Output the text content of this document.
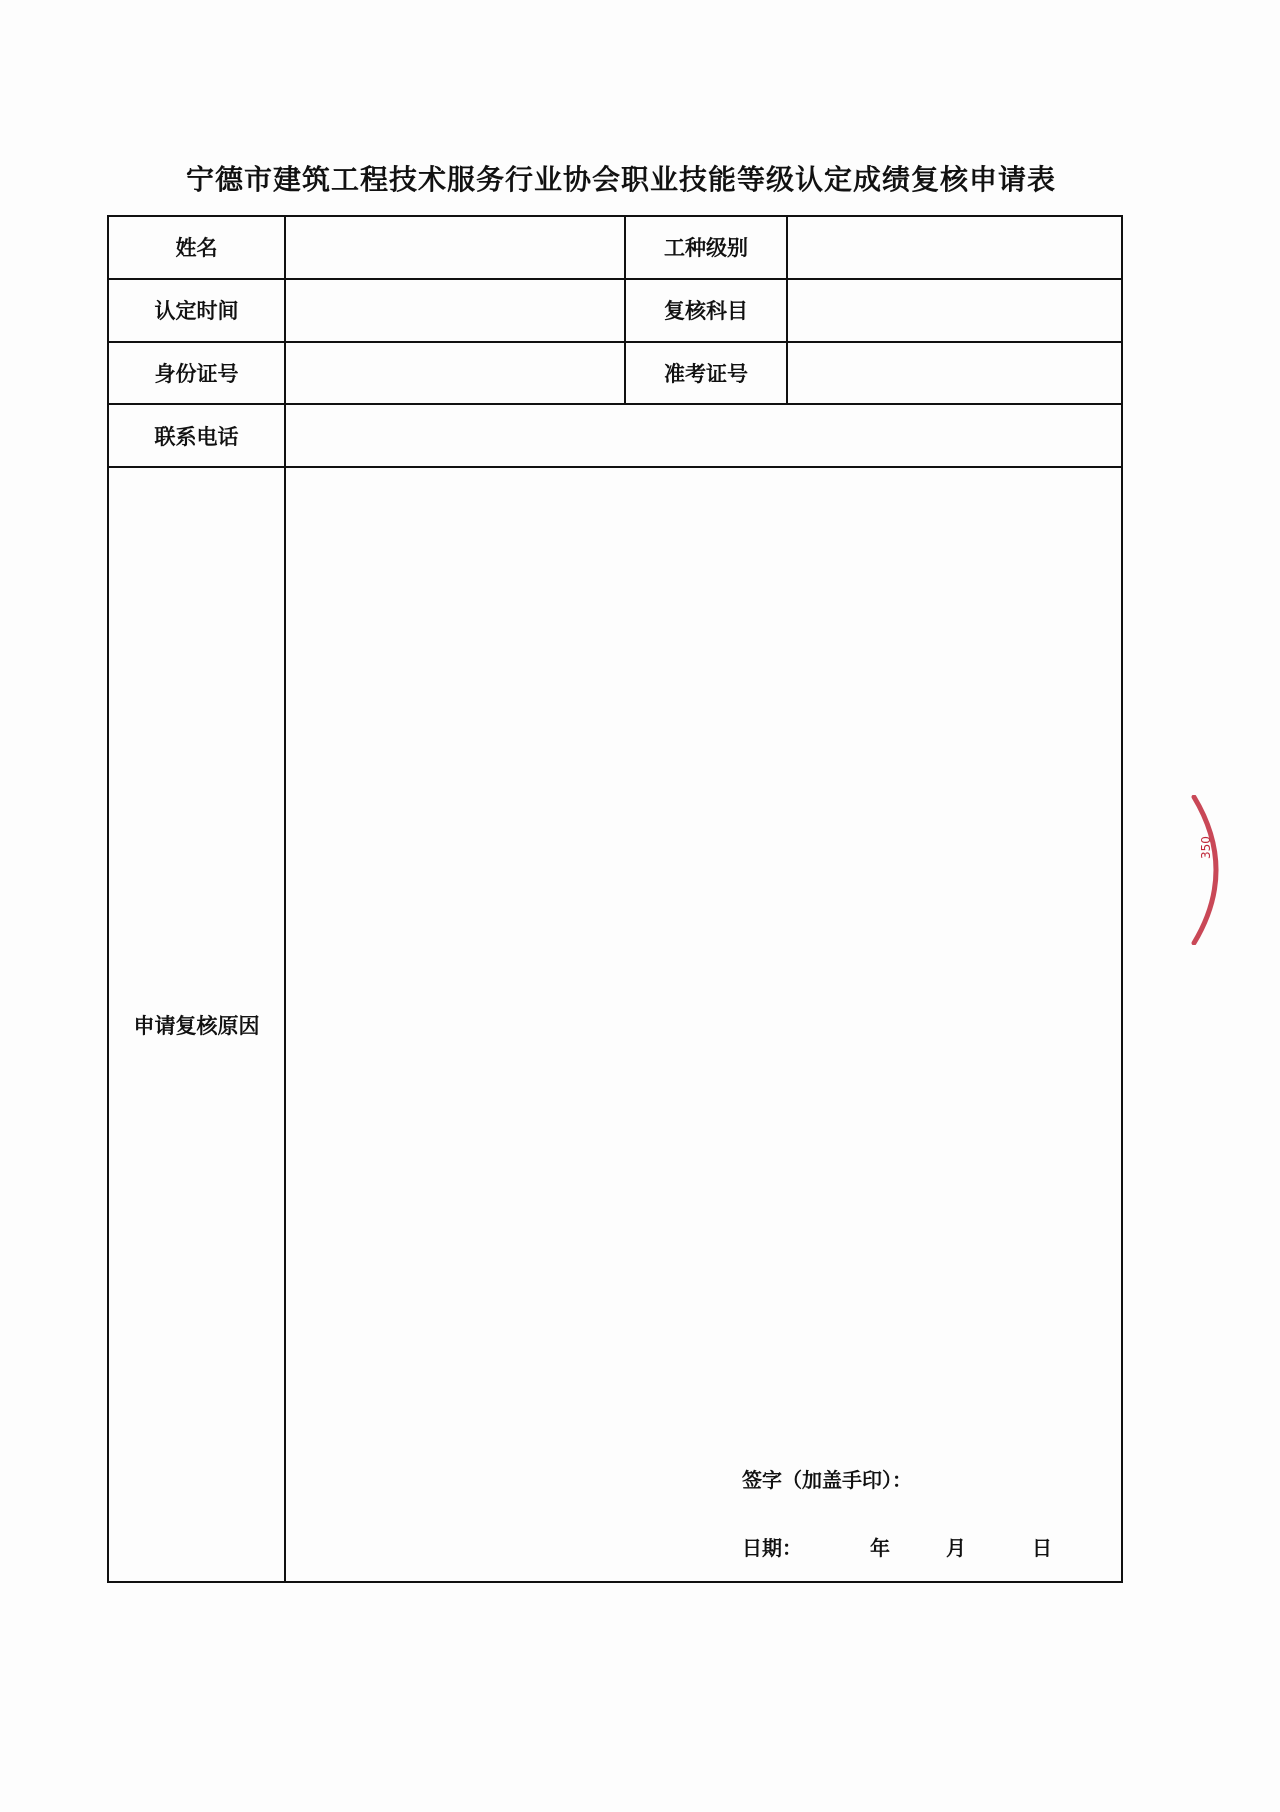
宁德市建筑工程技术服务行业协会职业技能等级认定成绩复核申请表
姓名		工种级别	
认定时间		复核科目	
身份证号		准考证号	
联系电话			
申请复核原因	签字（加盖手印）：
日期： 年 月 日		
350
